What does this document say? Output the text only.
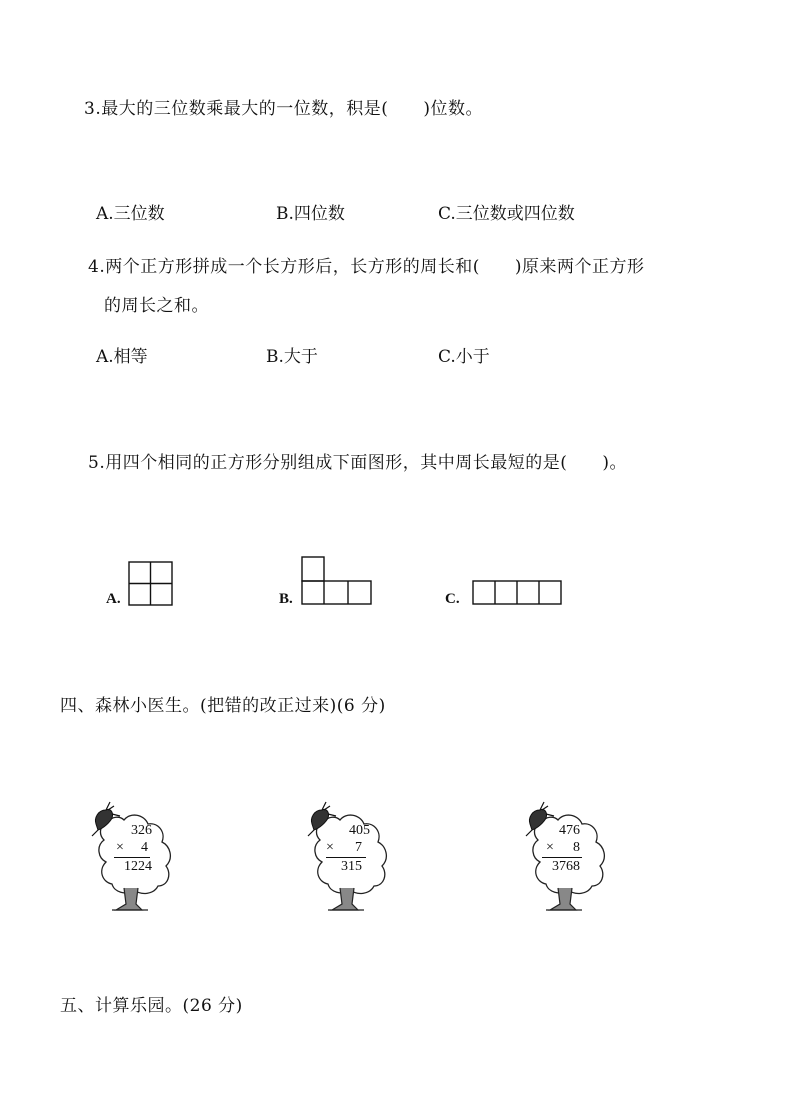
3.最大的三位数乘最大的一位数，积是(　　)位数。
A.三位数	B.四位数	C.三位数或四位数
4.两个正方形拼成一个长方形后，长方形的周长和(　　)原来两个正方形
的周长之和。
A.相等	B.大于	C.小于
5.用四个相同的正方形分别组成下面图形，其中周长最短的是(　　)。
A.	B.	C.
四、森林小医生。(把错的改正过来)(6 分)
326
×	4
1224
405
×	7
315
476
×	8
3768
五、计算乐园。(26 分)
